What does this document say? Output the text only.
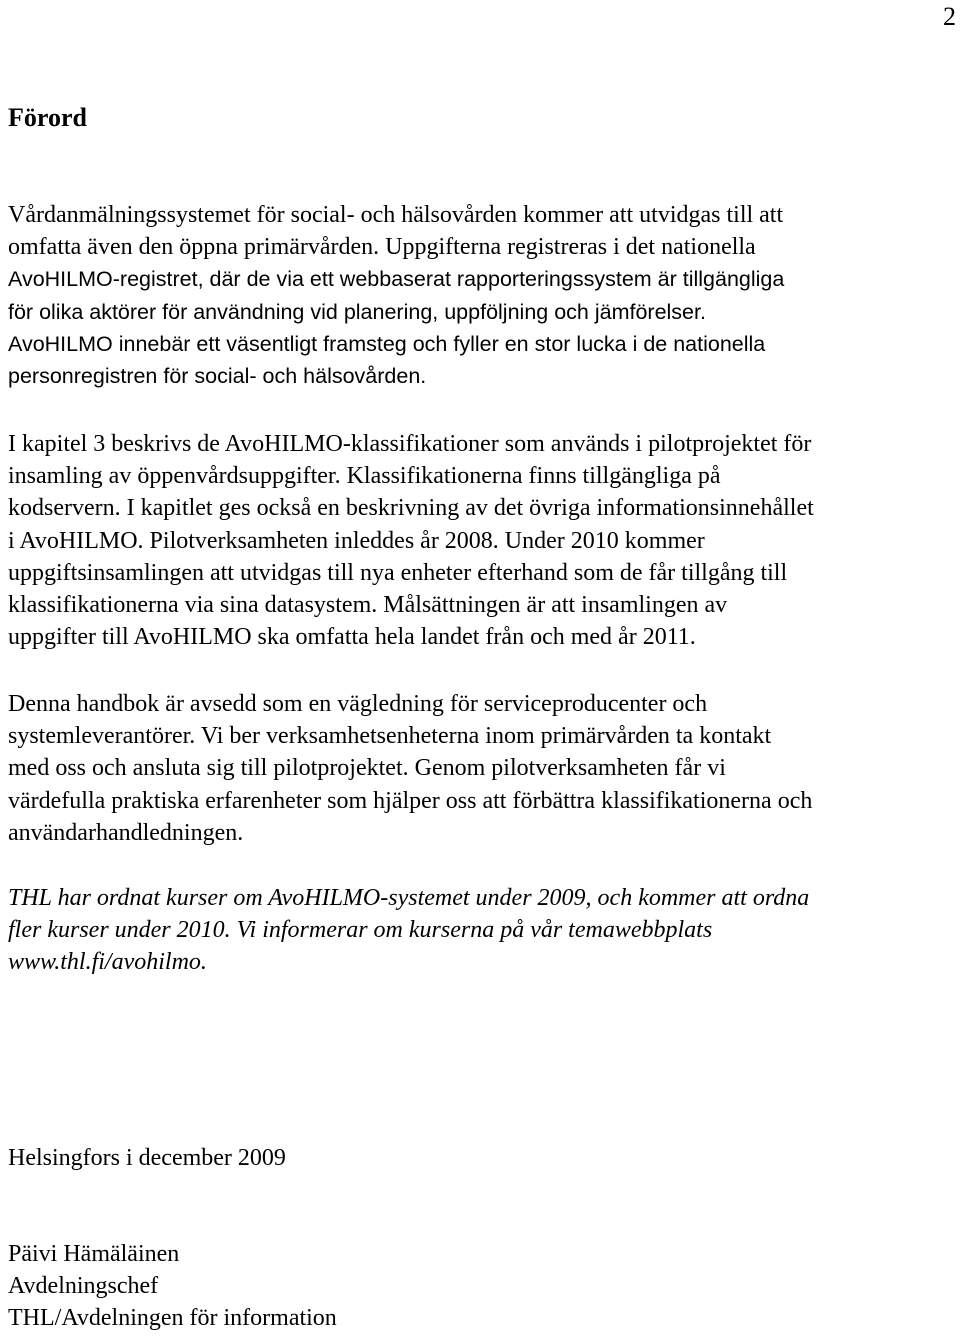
2
Förord

Vårdanmälningssystemet för social- och hälsovården kommer att utvidgas till att
omfatta även den öppna primärvården. Uppgifterna registreras i det nationella
AvoHILMO-registret, där de via ett webbaserat rapporteringssystem är tillgängliga
för olika aktörer för användning vid planering, uppföljning och jämförelser.
AvoHILMO innebär ett väsentligt framsteg och fyller en stor lucka i de nationella
personregistren för social- och hälsovården.

I kapitel 3 beskrivs de AvoHILMO-klassifikationer som används i pilotprojektet för
insamling av öppenvårdsuppgifter. Klassifikationerna finns tillgängliga på
kodservern. I kapitlet ges också en beskrivning av det övriga informationsinnehållet
i AvoHILMO. Pilotverksamheten inleddes år 2008. Under 2010 kommer
uppgiftsinsamlingen att utvidgas till nya enheter efterhand som de får tillgång till
klassifikationerna via sina datasystem. Målsättningen är att insamlingen av
uppgifter till AvoHILMO ska omfatta hela landet från och med år 2011.

Denna handbok är avsedd som en vägledning för serviceproducenter och
systemleverantörer. Vi ber verksamhetsenheterna inom primärvården ta kontakt
med oss och ansluta sig till pilotprojektet. Genom pilotverksamheten får vi
värdefulla praktiska erfarenheter som hjälper oss att förbättra klassifikationerna och
användarhandledningen.

THL har ordnat kurser om AvoHILMO-systemet under 2009, och kommer att ordna
fler kurser under 2010. Vi informerar om kurserna på vår temawebbplats
www.thl.fi/avohilmo.

Helsingfors i december 2009

Päivi Hämäläinen
Avdelningschef
THL/Avdelningen för information
